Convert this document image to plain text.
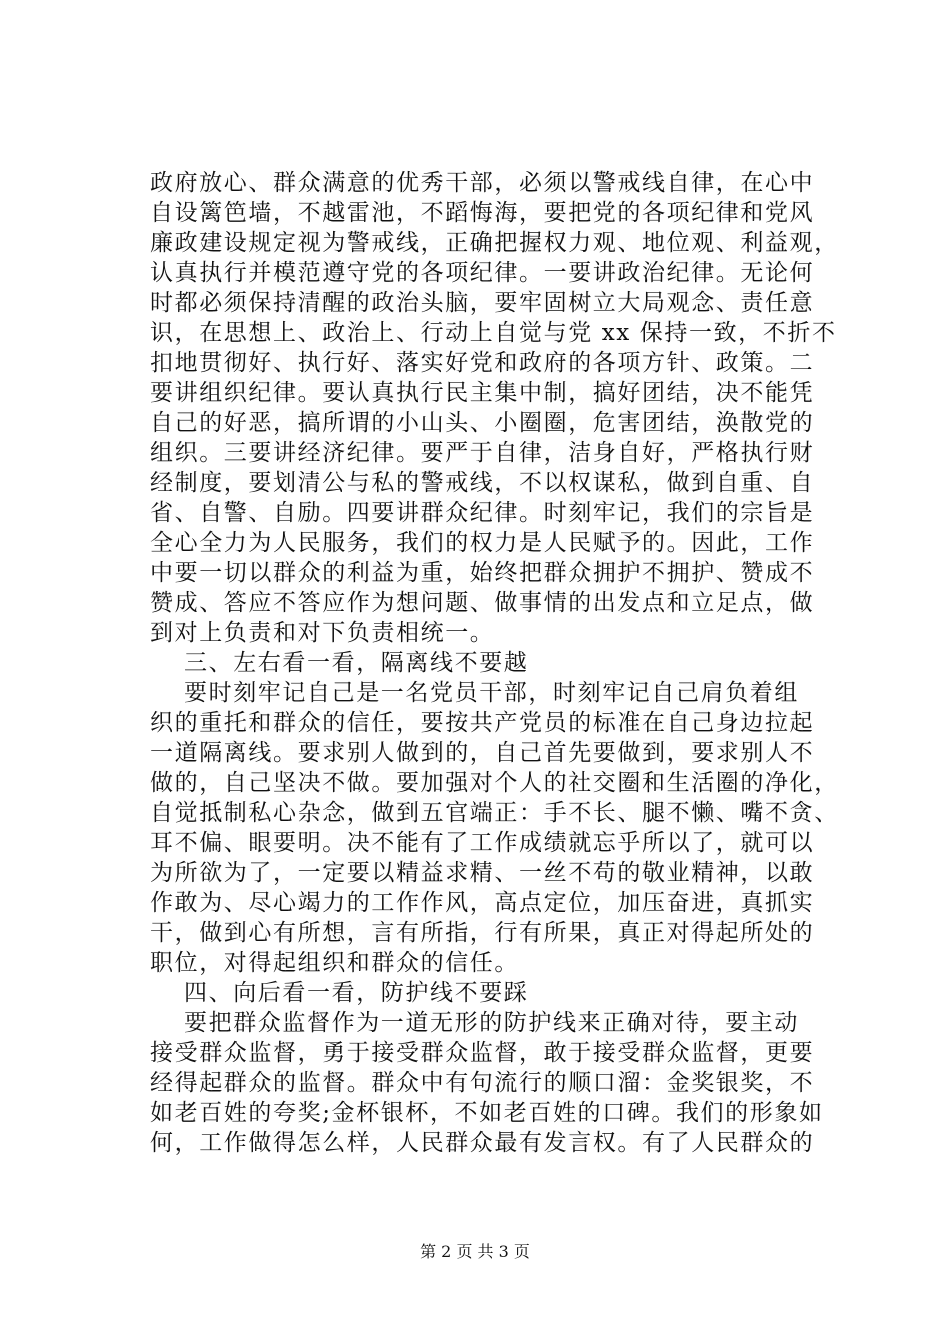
政府放心、群众满意的优秀干部，必须以警戒线自律，在心中
自设篱笆墙，不越雷池，不蹈悔海，要把党的各项纪律和党风
廉政建设规定视为警戒线，正确把握权力观、地位观、利益观，
认真执行并模范遵守党的各项纪律。一要讲政治纪律。无论何
时都必须保持清醒的政治头脑，要牢固树立大局观念、责任意
识，在思想上、政治上、行动上自觉与党 xx 保持一致，不折不
扣地贯彻好、执行好、落实好党和政府的各项方针、政策。二
要讲组织纪律。要认真执行民主集中制，搞好团结，决不能凭
自己的好恶，搞所谓的小山头、小圈圈，危害团结，涣散党的
组织。三要讲经济纪律。要严于自律，洁身自好，严格执行财
经制度，要划清公与私的警戒线，不以权谋私，做到自重、自
省、自警、自励。四要讲群众纪律。时刻牢记，我们的宗旨是
全心全力为人民服务，我们的权力是人民赋予的。因此，工作
中要一切以群众的利益为重，始终把群众拥护不拥护、赞成不
赞成、答应不答应作为想问题、做事情的出发点和立足点，做
到对上负责和对下负责相统一。
三、左右看一看，隔离线不要越
要时刻牢记自己是一名党员干部，时刻牢记自己肩负着组
织的重托和群众的信任，要按共产党员的标准在自己身边拉起
一道隔离线。要求别人做到的，自己首先要做到，要求别人不
做的，自己坚决不做。要加强对个人的社交圈和生活圈的净化，
自觉抵制私心杂念，做到五官端正：手不长、腿不懒、嘴不贪、
耳不偏、眼要明。决不能有了工作成绩就忘乎所以了，就可以
为所欲为了，一定要以精益求精、一丝不苟的敬业精神，以敢
作敢为、尽心竭力的工作作风，高点定位，加压奋进，真抓实
干，做到心有所想，言有所指，行有所果，真正对得起所处的
职位，对得起组织和群众的信任。
四、向后看一看，防护线不要踩
要把群众监督作为一道无形的防护线来正确对待，要主动
接受群众监督，勇于接受群众监督，敢于接受群众监督，更要
经得起群众的监督。群众中有句流行的顺口溜：金奖银奖，不
如老百姓的夸奖;金杯银杯，不如老百姓的口碑。我们的形象如
何，工作做得怎么样，人民群众最有发言权。有了人民群众的
第 2 页 共 3 页
